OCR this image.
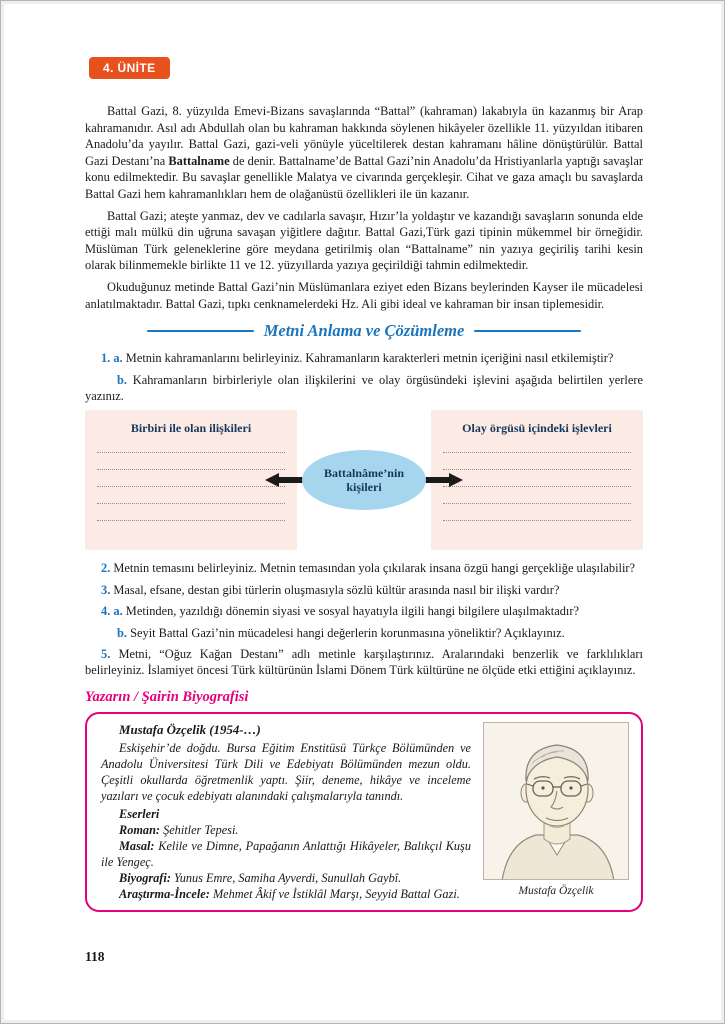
4. ÜNİTE

Battal Gazi, 8. yüzyılda Emevi-Bizans savaşlarında “Battal” (kahraman) lakabıyla ün kazanmış bir Arap kahramanıdır. Asıl adı Abdullah olan bu kahraman hakkında söylenen hikâyeler özellikle 11. yüzyıldan itibaren Anadolu’da yayılır. Battal Gazi, gazi-veli yönüyle yüceltilerek destan kahramanı hâline dönüştürülür. Battal Gazi Destanı’na Battalname de denir. Battalname’de Battal Gazi’nin Anadolu’da Hristiyanlarla yaptığı savaşlar konu edilmektedir. Bu savaşlar genellikle Malatya ve civarında gerçekleşir. Cihat ve gaza amaçlı bu savaşlarda Battal Gazi hem kahramanlıkları hem de olağanüstü özellikleri ile ün kazanır.

Battal Gazi; ateşte yanmaz, dev ve cadılarla savaşır, Hızır’la yoldaştır ve kazandığı savaşların sonunda elde ettiği malı mülkü din uğruna savaşan yiğitlere dağıtır. Battal Gazi,Türk gazi tipinin mükemmel bir örneğidir. Müslüman Türk geleneklerine göre meydana getirilmiş olan “Battalname” nin yazıya geçiriliş tarihi kesin olarak bilinmemekle birlikte 11 ve 12. yüzyıllarda yazıya geçirildiği tahmin edilmektedir.

Okuduğunuz metinde Battal Gazi’nin Müslümanlara eziyet eden Bizans beylerinden Kayser ile mücadelesi anlatılmaktadır. Battal Gazi, tıpkı cenknamelerdeki Hz. Ali gibi ideal ve kahraman bir insan tiplemesidir.

Metni Anlama ve Çözümleme

1. a. Metnin kahramanlarını belirleyiniz. Kahramanların karakterleri metnin içeriğini nasıl etkilemiştir?

b. Kahramanların birbirleriyle olan ilişkilerini ve olay örgüsündeki işlevini aşağıda belirtilen yerlere yazınız.

Birbiri ile olan ilişkileri	Olay örgüsü içindeki işlevleri
Battalnâme’nin
kişileri

2. Metnin temasını belirleyiniz. Metnin temasından yola çıkılarak insana özgü hangi gerçekliğe ulaşılabilir?

3. Masal, efsane, destan gibi türlerin oluşmasıyla sözlü kültür arasında nasıl bir ilişki vardır?

4. a. Metinden, yazıldığı dönemin siyasi ve sosyal hayatıyla ilgili hangi bilgilere ulaşılmaktadır?

b. Seyit Battal Gazi’nin mücadelesi hangi değerlerin korunmasına yöneliktir? Açıklayınız.

5. Metni, “Oğuz Kağan Destanı” adlı metinle karşılaştırınız. Aralarındaki benzerlik ve farklılıkları belirleyiniz. İslamiyet öncesi Türk kültürünün İslami Dönem Türk kültürüne ne ölçüde etki ettiğini açıklayınız.

Yazarın / Şairin Biyografisi

Mustafa Özçelik (1954-…)

Eskişehir’de doğdu. Bursa Eğitim Enstitüsü Türkçe Bölümünden ve Anadolu Üniversitesi Türk Dili ve Edebiyatı Bölümünden mezun oldu. Çeşitli okullarda öğretmenlik yaptı. Şiir, deneme, hikâye ve inceleme yazıları ve çocuk edebiyatı alanındaki çalışmalarıyla tanındı.

Eserleri

Roman: Şehitler Tepesi.

Masal: Kelile ve Dimne, Papağanın Anlattığı Hikâyeler, Balıkçıl Kuşu ile Yengeç.

Biyografi: Yunus Emre, Samiha Ayverdi, Sunullah Gaybî.

Araştırma-İncele: Mehmet Âkif ve İstiklâl Marşı, Seyyid Battal Gazi.	Mustafa Özçelik
118
